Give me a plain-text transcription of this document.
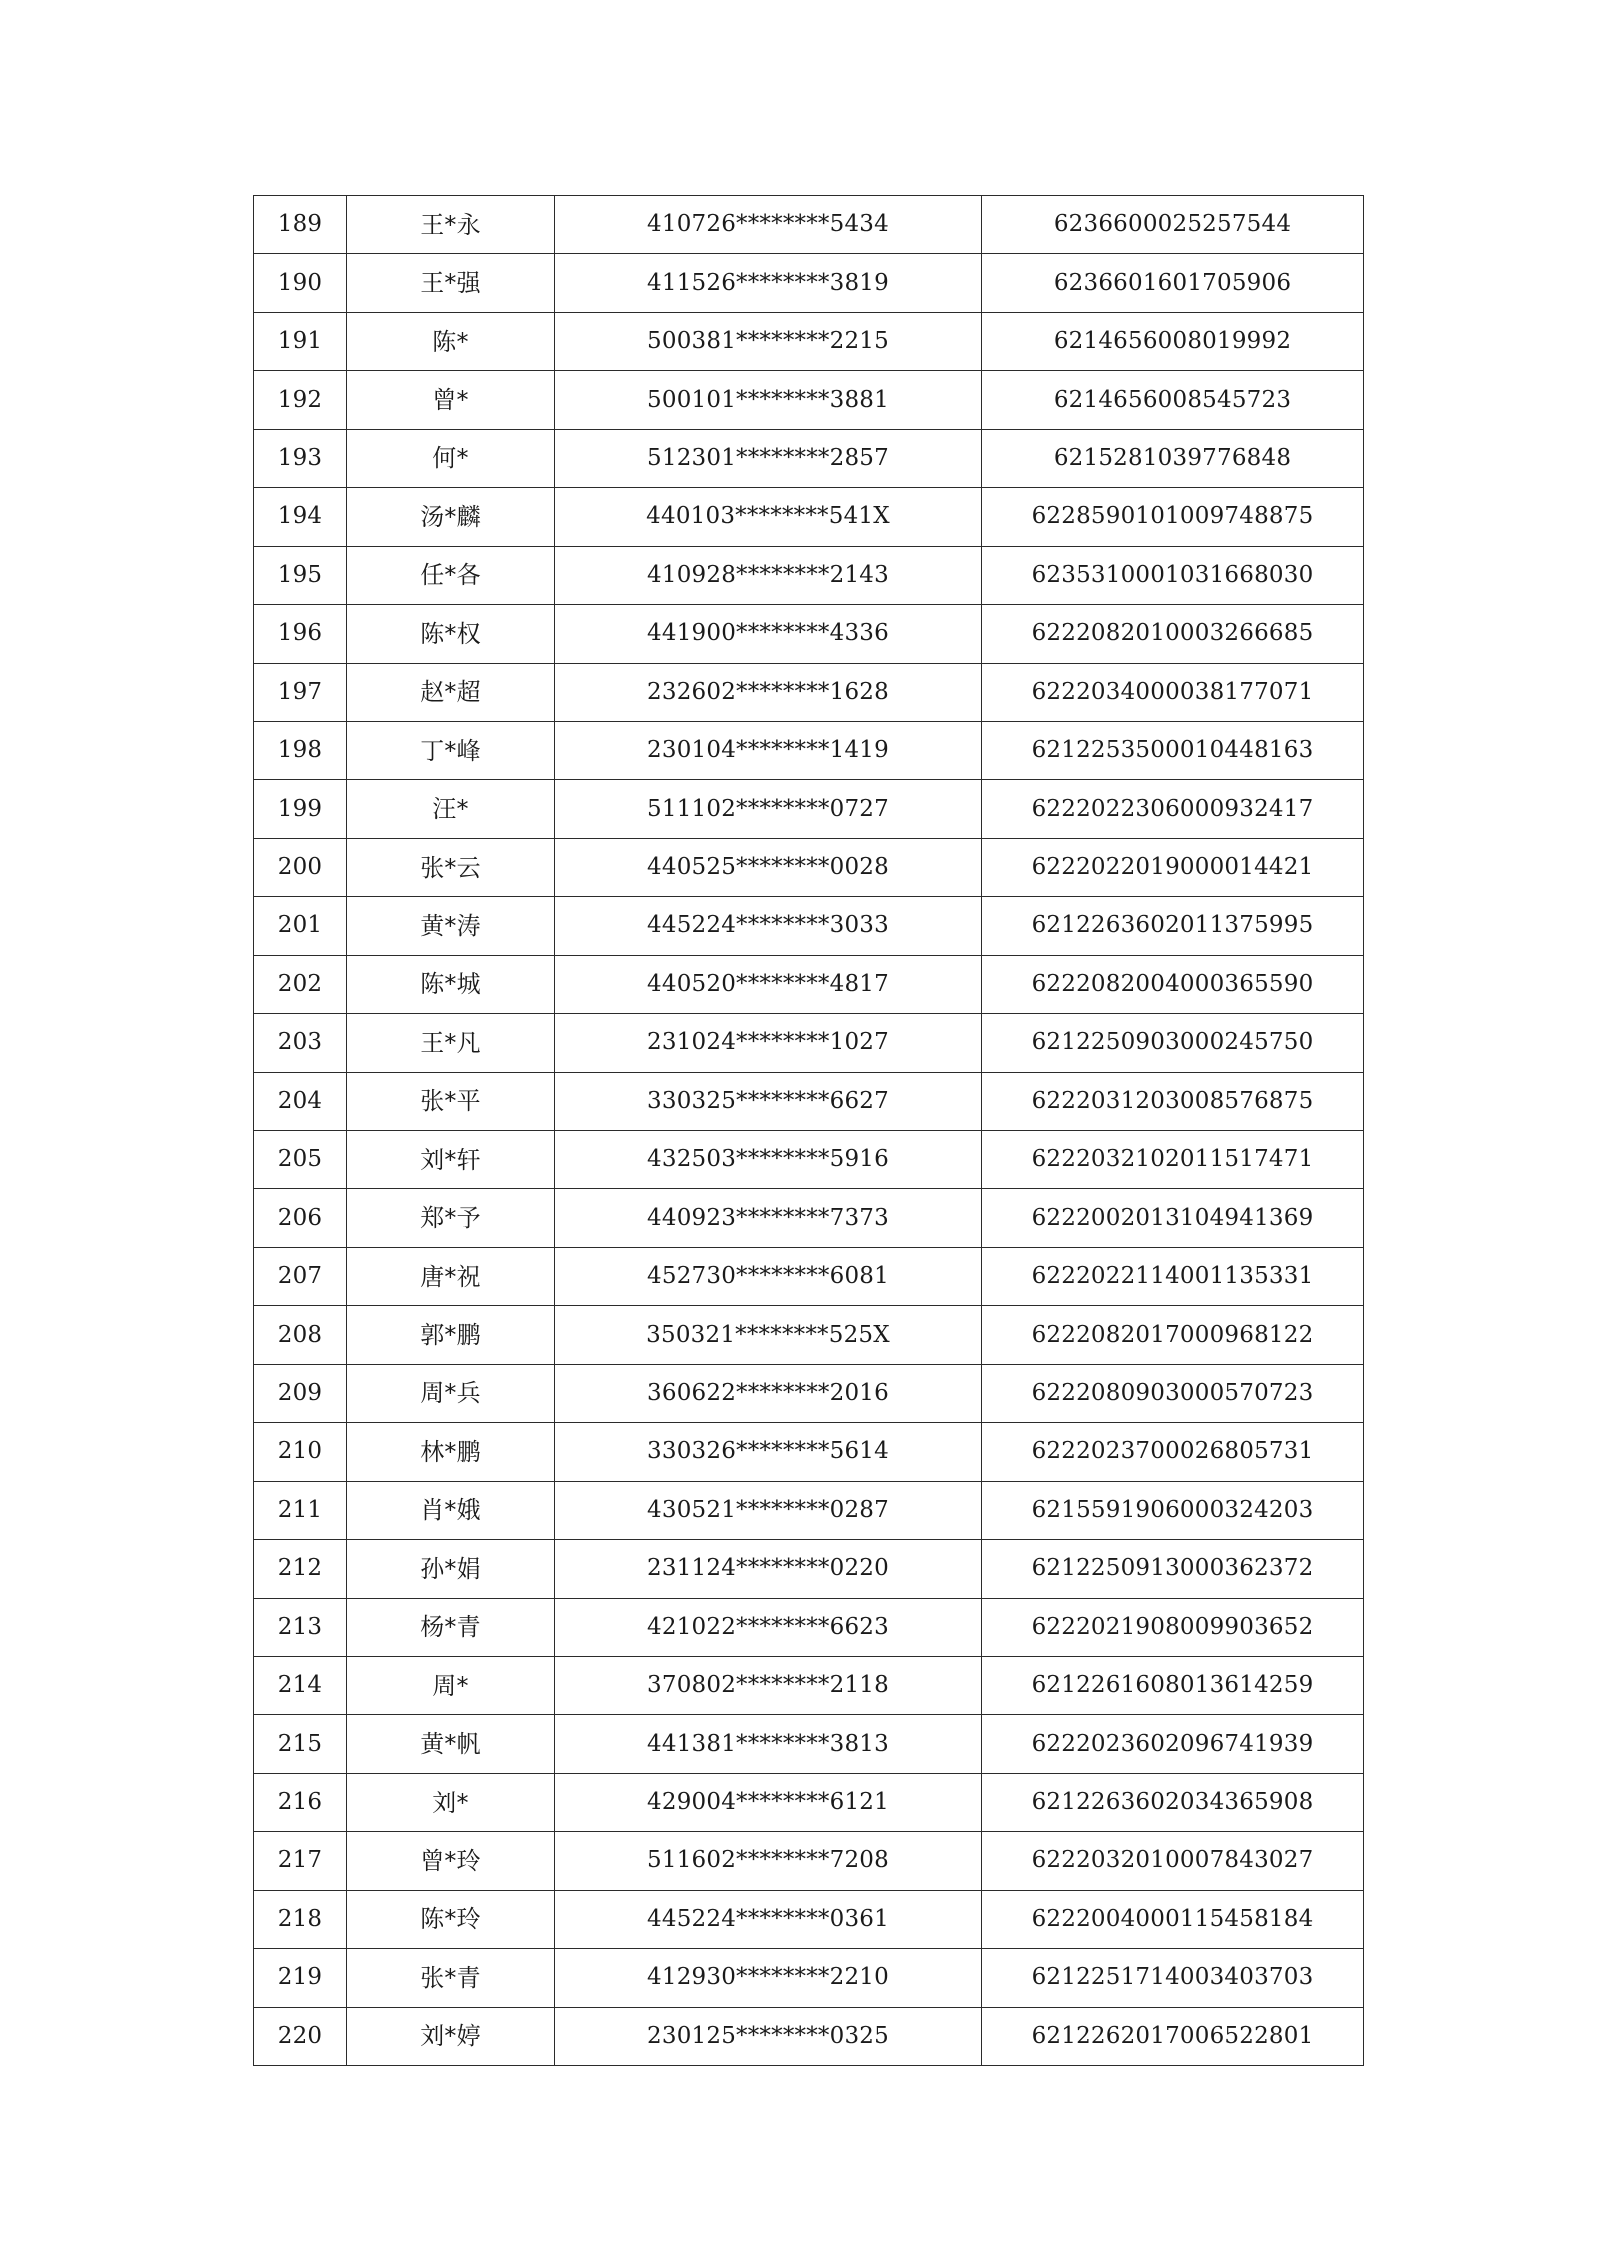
189	王*永	410726********5434	6236600025257544
190	王*强	411526********3819	6236601601705906
191	陈*	500381********2215	6214656008019992
192	曾*	500101********3881	6214656008545723
193	何*	512301********2857	6215281039776848
194	汤*麟	440103********541X	6228590101009748875
195	任*各	410928********2143	6235310001031668030
196	陈*权	441900********4336	6222082010003266685
197	赵*超	232602********1628	6222034000038177071
198	丁*峰	230104********1419	6212253500010448163
199	汪*	511102********0727	6222022306000932417
200	张*云	440525********0028	6222022019000014421
201	黄*涛	445224********3033	6212263602011375995
202	陈*城	440520********4817	6222082004000365590
203	王*凡	231024********1027	6212250903000245750
204	张*平	330325********6627	6222031203008576875
205	刘*轩	432503********5916	6222032102011517471
206	郑*予	440923********7373	6222002013104941369
207	唐*祝	452730********6081	6222022114001135331
208	郭*鹏	350321********525X	6222082017000968122
209	周*兵	360622********2016	6222080903000570723
210	林*鹏	330326********5614	6222023700026805731
211	肖*娥	430521********0287	6215591906000324203
212	孙*娟	231124********0220	6212250913000362372
213	杨*青	421022********6623	6222021908009903652
214	周*	370802********2118	6212261608013614259
215	黄*帆	441381********3813	6222023602096741939
216	刘*	429004********6121	6212263602034365908
217	曾*玲	511602********7208	6222032010007843027
218	陈*玲	445224********0361	6222004000115458184
219	张*青	412930********2210	6212251714003403703
220	刘*婷	230125********0325	6212262017006522801
